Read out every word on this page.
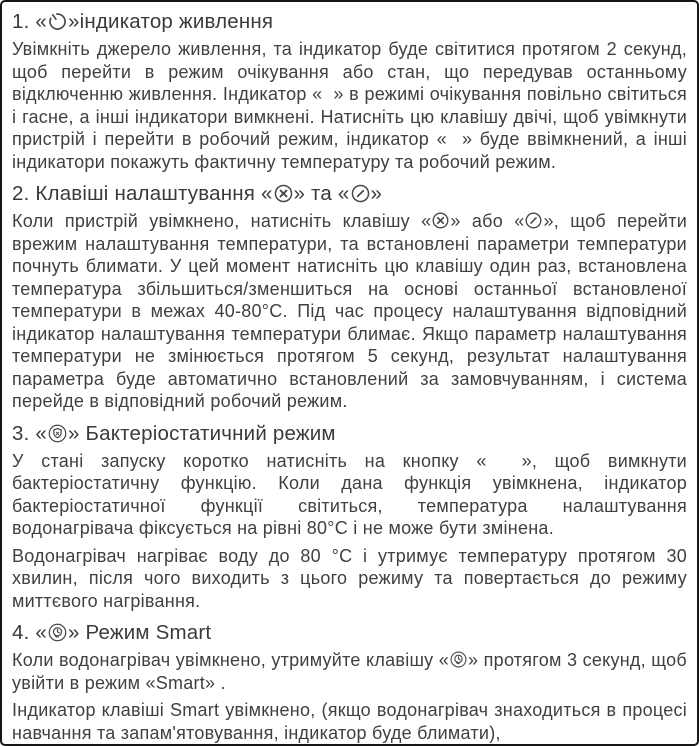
1. « »індикатор живлення

Увімкніть джерело живлення, та індикатор буде світитися протягом 2 секунд, щоб перейти в режим очікування або стан, що передував останньому відключенню живлення. Індикатор «  » в режимі очікування повільно світиться і гасне, а інші індикатори вимкнені. Натисніть цю клавішу двічі, щоб увімкнути пристрій і перейти в робочий режим, індикатор «  » буде ввімкнений, а інші індикатори покажуть фактичну температуру та робочий режим.

2. Клавіші налаштування « » та « »

Коли пристрій увімкнено, натисніть клавішу « » або « », щоб перейти врежим налаштування температури, та встановлені параметри температури почнуть блимати. У цей момент натисніть цю клавішу один раз, встановлена температура збільшиться/зменшиться на основі останньої встановленої температури в межах 40-80°С. Під час процесу налаштування відповідний індикатор налаштування температури блимає. Якщо параметр налаштування температури не змінюється протягом 5 секунд, результат налаштування параметра буде автоматично встановлений за замовчуванням, і система перейде в відповідний робочий режим.

3. « » Бактеріостатичний режим

У стані запуску коротко натисніть на кнопку «  », щоб вимкнути бактеріостатичну функцію. Коли дана функція увімкнена, індикатор бактеріостатичної функції світиться, температура налаштування водонагрівача фіксується на рівні 80°С і не може бути змінена.

Водонагрівач нагріває воду до 80 °С і утримує температуру протягом 30 хвилин, після чого виходить з цього режиму та повертається до режиму миттєвого нагрівання.

4. « » Режим Smart

Коли водонагрівач увімкнено, утримуйте клавішу « » протягом 3 секунд, щоб увійти в режим «Smart» .

Індикатор клавіші Smart увімкнено, (якщо водонагрівач знаходиться в процесі навчання та запам'ятовування, індикатор буде блимати),
